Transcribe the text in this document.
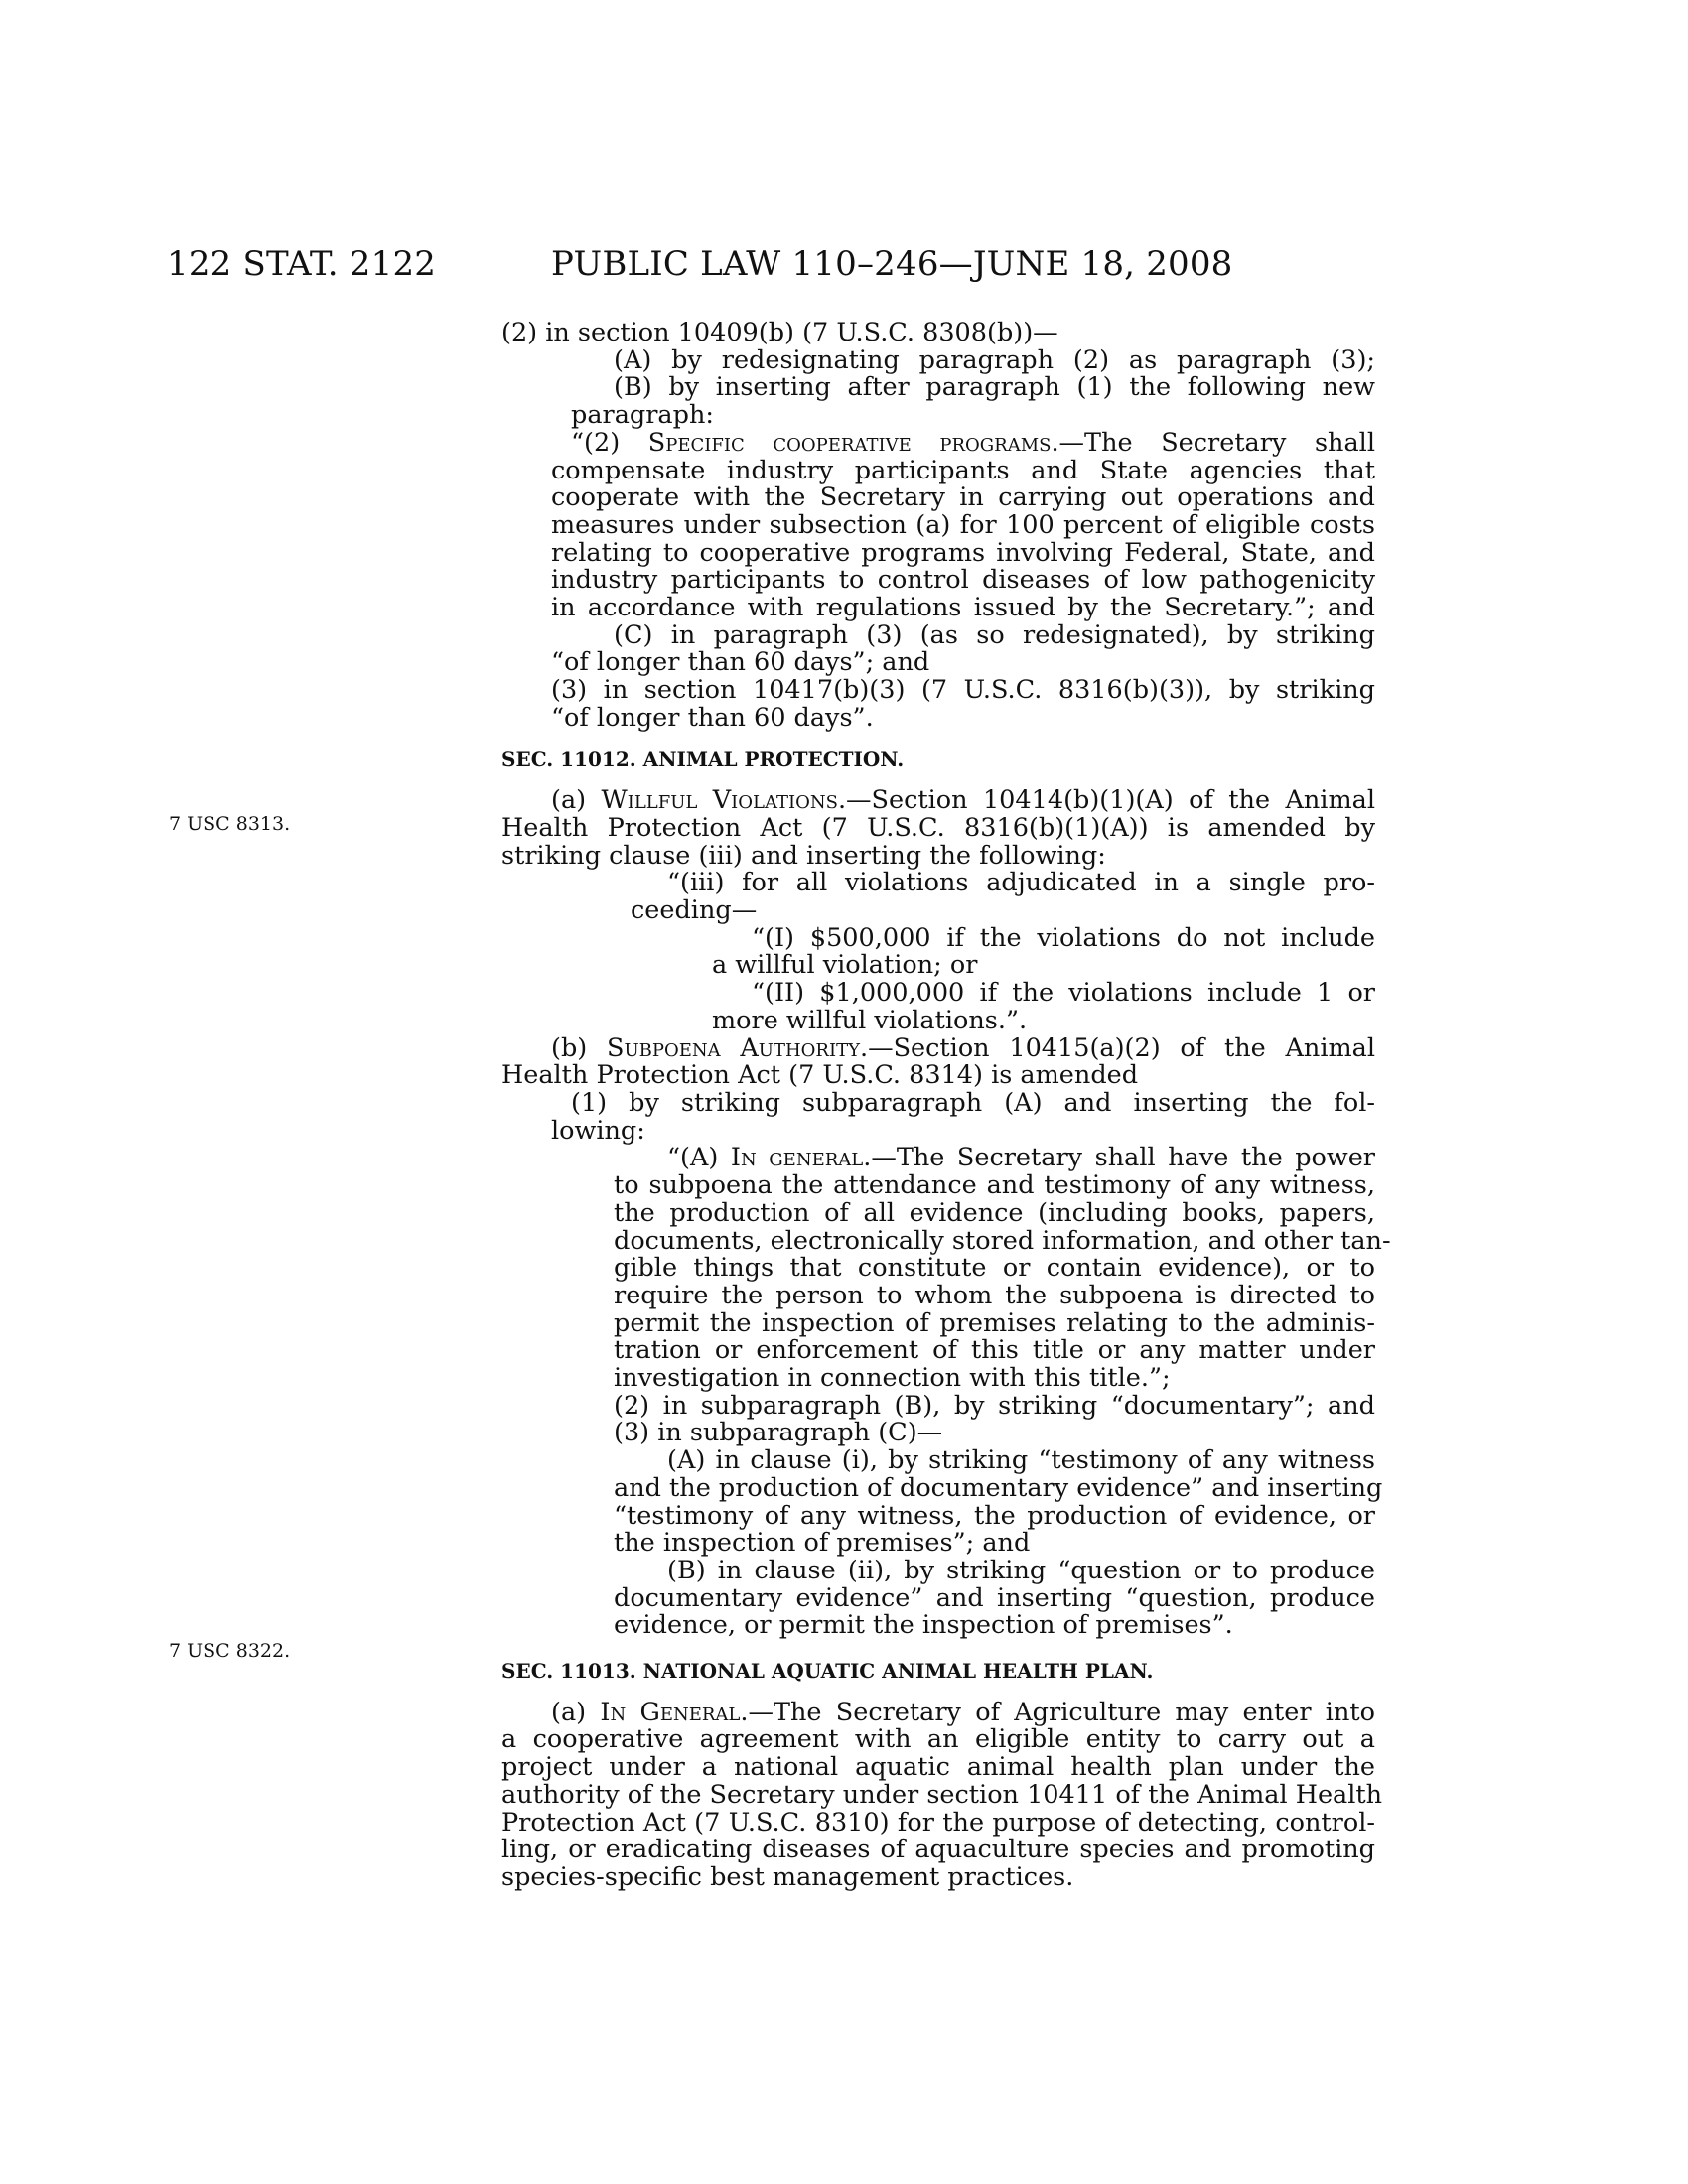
122 STAT. 2122	PUBLIC LAW 110–246—JUNE 18, 2008
7 USC 8313.
7 USC 8322.
(2) in section 10409(b) (7 U.S.C. 8308(b))—
(A) by redesignating paragraph (2) as paragraph (3);
(B) by inserting after paragraph (1) the following new
paragraph:
“(2) Specific cooperative programs.—The Secretary shall
compensate industry participants and State agencies that
cooperate with the Secretary in carrying out operations and
measures under subsection (a) for 100 percent of eligible costs
relating to cooperative programs involving Federal, State, and
industry participants to control diseases of low pathogenicity
in accordance with regulations issued by the Secretary.”; and
(C) in paragraph (3) (as so redesignated), by striking
“of longer than 60 days”; and
(3) in section 10417(b)(3) (7 U.S.C. 8316(b)(3)), by striking
“of longer than 60 days”.
SEC. 11012. ANIMAL PROTECTION.
(a) Willful Violations.—Section 10414(b)(1)(A) of the Animal
Health Protection Act (7 U.S.C. 8316(b)(1)(A)) is amended by
striking clause (iii) and inserting the following:
“(iii) for all violations adjudicated in a single pro-
ceeding—
“(I) $500,000 if the violations do not include
a willful violation; or
“(II) $1,000,000 if the violations include 1 or
more willful violations.”.
(b) Subpoena Authority.—Section 10415(a)(2) of the Animal
Health Protection Act (7 U.S.C. 8314) is amended
(1) by striking subparagraph (A) and inserting the fol-
lowing:
“(A) In general.—The Secretary shall have the power
to subpoena the attendance and testimony of any witness,
the production of all evidence (including books, papers,
documents, electronically stored information, and other tan-
gible things that constitute or contain evidence), or to
require the person to whom the subpoena is directed to
permit the inspection of premises relating to the adminis-
tration or enforcement of this title or any matter under
investigation in connection with this title.”;
(2) in subparagraph (B), by striking “documentary”; and
(3) in subparagraph (C)—
(A) in clause (i), by striking “testimony of any witness
and the production of documentary evidence” and inserting
“testimony of any witness, the production of evidence, or
the inspection of premises”; and
(B) in clause (ii), by striking “question or to produce
documentary evidence” and inserting “question, produce
evidence, or permit the inspection of premises”.
SEC. 11013. NATIONAL AQUATIC ANIMAL HEALTH PLAN.
(a) In General.—The Secretary of Agriculture may enter into
a cooperative agreement with an eligible entity to carry out a
project under a national aquatic animal health plan under the
authority of the Secretary under section 10411 of the Animal Health
Protection Act (7 U.S.C. 8310) for the purpose of detecting, control-
ling, or eradicating diseases of aquaculture species and promoting
species-specific best management practices.
